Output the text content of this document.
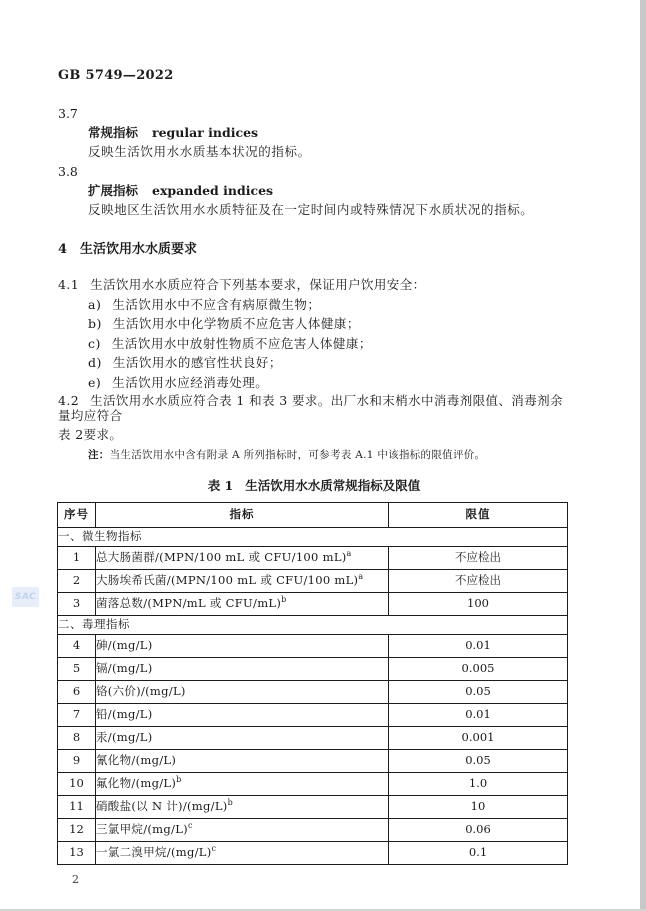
SAC
GB 5749—2022
3.7
常规指标 regular indices
反映生活饮用水水质基本状况的指标。
3.8
扩展指标 expanded indices
反映地区生活饮用水水质特征及在一定时间内或特殊情况下水质状况的指标。
4 生活饮用水水质要求
4.1 生活饮用水水质应符合下列基本要求，保证用户饮用安全：
a) 生活饮用水中不应含有病原微生物；
b) 生活饮用水中化学物质不应危害人体健康；
c) 生活饮用水中放射性物质不应危害人体健康；
d) 生活饮用水的感官性状良好；
e) 生活饮用水应经消毒处理。
4.2 生活饮用水水质应符合表 1 和表 3 要求。出厂水和末梢水中消毒剂限值、消毒剂余量均应符合
表 2要求。
注：当生活饮用水中含有附录 A 所列指标时，可参考表 A.1 中该指标的限值评价。
表 1 生活饮用水水质常规指标及限值
序号	指标	限值
一、微生物指标		
1	总大肠菌群/(MPN/100 mL 或 CFU/100 mL)$^a$	不应检出
2	大肠埃希氏菌/(MPN/100 mL 或 CFU/100 mL)$^a$	不应检出
3	菌落总数/(MPN/mL 或 CFU/mL)$^b$	100
二、毒理指标		
4	砷/(mg/L)	0.01
5	镉/(mg/L)	0.005
6	铬(六价)/(mg/L)	0.05
7	铅/(mg/L)	0.01
8	汞/(mg/L)	0.001
9	氰化物/(mg/L)	0.05
10	氟化物$/(mg/L)^b$	1.0
11	硝酸盐(以 N 计)$/(mg/L)^b$	10
12	三氯甲烷$/(mg/L)^c$	0.06
13	一氯二溴甲烷$/(mg/L)^c$	0.1
2
